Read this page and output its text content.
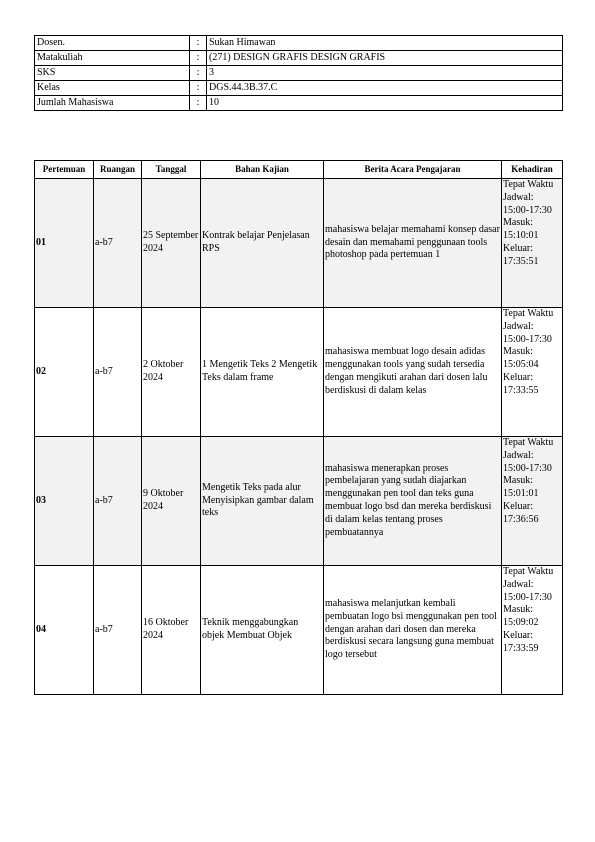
Dosen.	:	Sukan Himawan
Matakuliah	:	(271) DESIGN GRAFIS DESIGN GRAFIS
SKS	:	3
Kelas	:	DGS.44.3B.37.C
Jumlah Mahasiswa	:	10
Pertemuan	Ruangan	Tanggal	Bahan Kajian	Berita Acara Pengajaran	Kehadiran
01	a-b7	25 September 2024	Kontrak belajar Penjelasan RPS	mahasiswa belajar memahami konsep dasar desain dan memahami penggunaan tools photoshop pada pertemuan 1	Tepat Waktu
Jadwal: 15:00-17:30
Masuk: 15:10:01
Keluar: 17:35:51

02	a-b7	2 Oktober 2024	1 Mengetik Teks 2 Mengetik Teks dalam frame	mahasiswa membuat logo desain adidas menggunakan tools yang sudah tersedia dengan mengikuti arahan dari dosen lalu berdiskusi di dalam kelas	Tepat Waktu
Jadwal: 15:00-17:30
Masuk: 15:05:04
Keluar: 17:33:55

03	a-b7	9 Oktober 2024	Mengetik Teks pada alur Menyisipkan gambar dalam teks	mahasiswa menerapkan proses pembelajaran yang sudah diajarkan menggunakan pen tool dan teks guna membuat logo bsd dan mereka berdiskusi di dalam kelas tentang proses pembuatannya	Tepat Waktu
Jadwal: 15:00-17:30
Masuk: 15:01:01
Keluar: 17:36:56

04	a-b7	16 Oktober 2024	Teknik menggabungkan objek Membuat Objek	mahasiswa melanjutkan kembali pembuatan logo bsi menggunakan pen tool dengan arahan dari dosen dan mereka berdiskusi secara langsung guna membuat logo tersebut	Tepat Waktu
Jadwal: 15:00-17:30
Masuk: 15:09:02
Keluar: 17:33:59
